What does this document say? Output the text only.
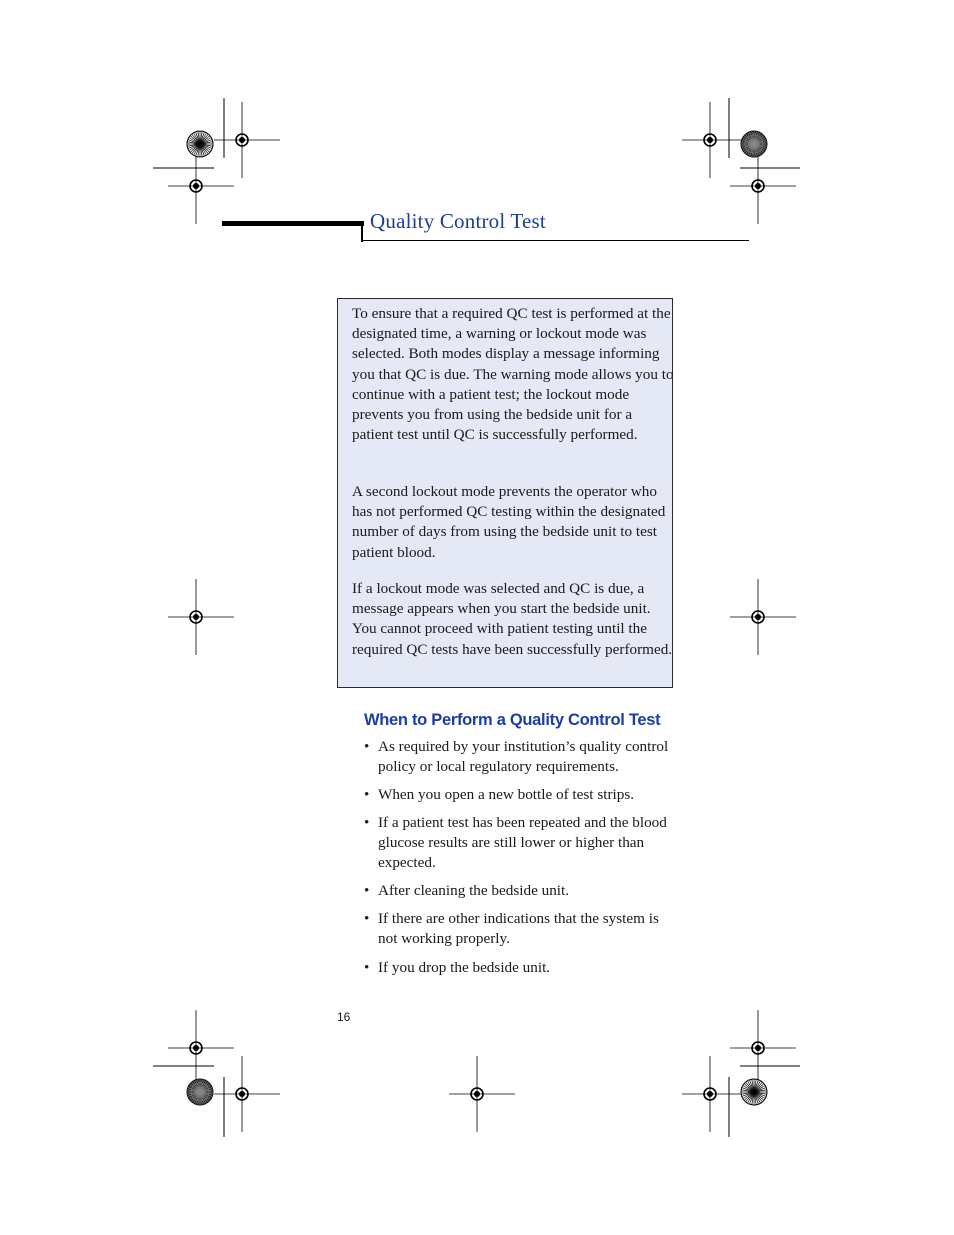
Quality Control Test
To ensure that a required QC test is performed at the designated time, a warning or lockout mode was selected. Both modes display a message informing you that QC is due. The warning mode allows you to continue with a patient test; the lockout mode prevents you from using the bedside unit for a patient test until QC is successfully performed.
A second lockout mode prevents the operator who has not performed QC testing within the designated number of days from using the bedside unit to test patient blood.
If a lockout mode was selected and QC is due, a message appears when you start the bedside unit. You cannot proceed with patient testing until the required QC tests have been successfully performed.
When to Perform a Quality Control Test
• As required by your institution’s quality control policy or local regulatory requirements.
• When you open a new bottle of test strips.
• If a patient test has been repeated and the blood glucose results are still lower or higher than expected.
• After cleaning the bedside unit.
• If there are other indications that the system is not working properly.
• If you drop the bedside unit.
16
